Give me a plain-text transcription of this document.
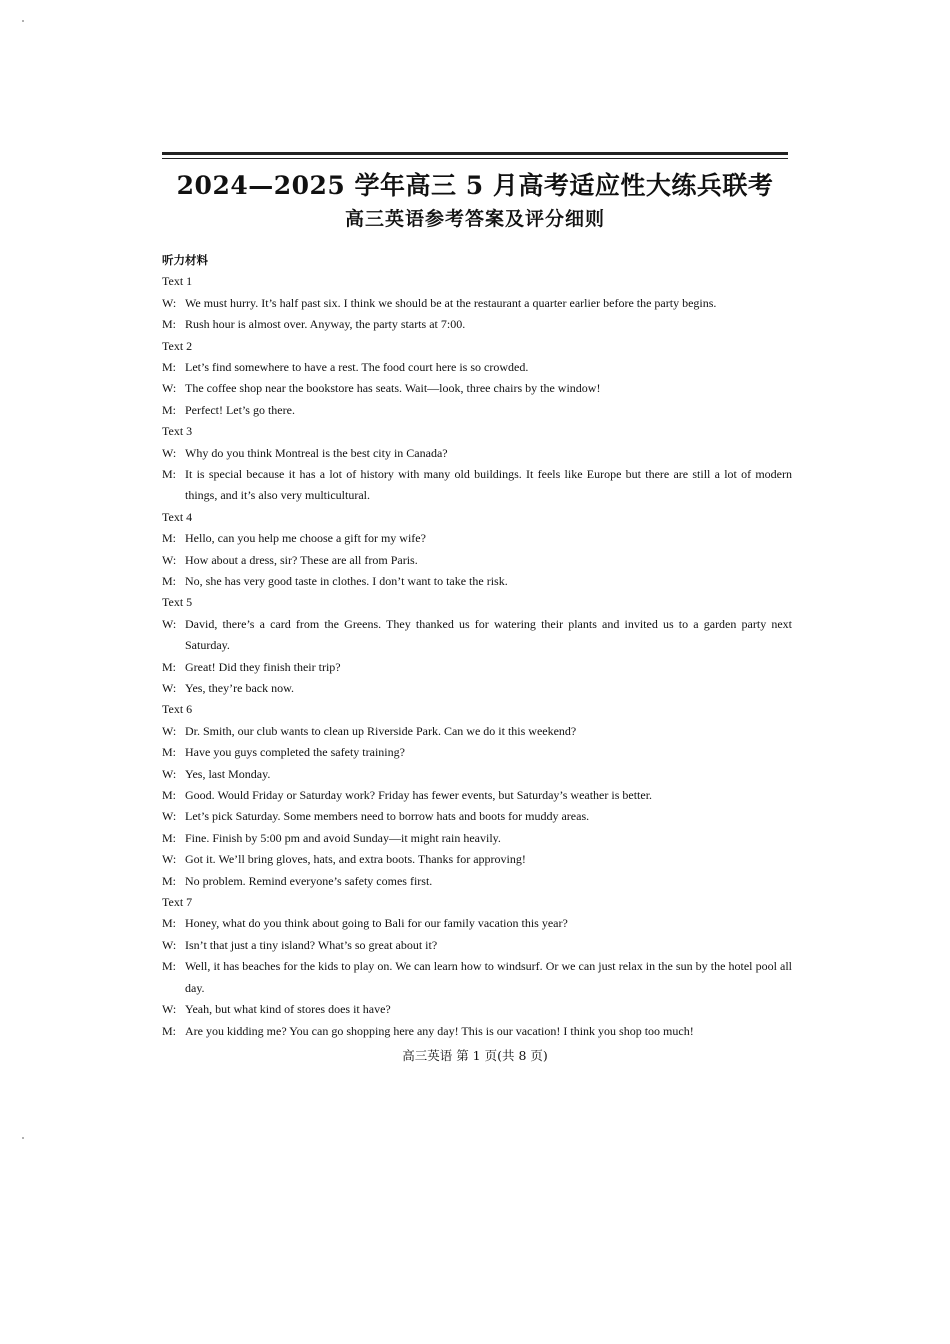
2024—2025 学年高三 5 月高考适应性大练兵联考
高三英语参考答案及评分细则
听力材料
Text 1
W: We must hurry. It’s half past six. I think we should be at the restaurant a quarter earlier before the party begins.
M: Rush hour is almost over. Anyway, the party starts at 7:00.
Text 2
M: Let’s find somewhere to have a rest. The food court here is so crowded.
W: The coffee shop near the bookstore has seats. Wait—look, three chairs by the window!
M: Perfect! Let’s go there.
Text 3
W: Why do you think Montreal is the best city in Canada?
M: It is special because it has a lot of history with many old buildings. It feels like Europe but there are still a lot of modern things, and it’s also very multicultural.
Text 4
M: Hello, can you help me choose a gift for my wife?
W: How about a dress, sir? These are all from Paris.
M: No, she has very good taste in clothes. I don’t want to take the risk.
Text 5
W: David, there’s a card from the Greens. They thanked us for watering their plants and invited us to a garden party next Saturday.
M: Great! Did they finish their trip?
W: Yes, they’re back now.
Text 6
W: Dr. Smith, our club wants to clean up Riverside Park. Can we do it this weekend?
M: Have you guys completed the safety training?
W: Yes, last Monday.
M: Good. Would Friday or Saturday work? Friday has fewer events, but Saturday’s weather is better.
W: Let’s pick Saturday. Some members need to borrow hats and boots for muddy areas.
M: Fine. Finish by 5:00 pm and avoid Sunday—it might rain heavily.
W: Got it. We’ll bring gloves, hats, and extra boots. Thanks for approving!
M: No problem. Remind everyone’s safety comes first.
Text 7
M: Honey, what do you think about going to Bali for our family vacation this year?
W: Isn’t that just a tiny island? What’s so great about it?
M: Well, it has beaches for the kids to play on. We can learn how to windsurf. Or we can just relax in the sun by the hotel pool all day.
W: Yeah, but what kind of stores does it have?
M: Are you kidding me? You can go shopping here any day! This is our vacation! I think you shop too much!
高三英语 第 1 页(共 8 页)
